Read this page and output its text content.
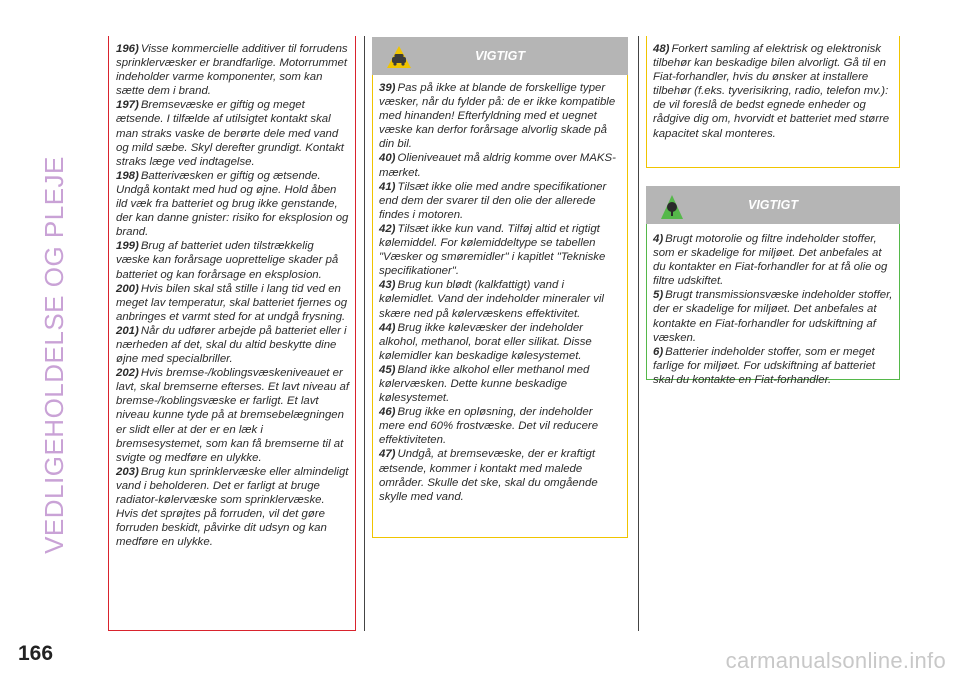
VEDLIGEHOLDELSE OG PLEJE

196) Visse kommercielle additiver til forrudens sprinklervæsker er brandfarlige. Motorrummet indeholder varme komponenter, som kan sætte dem i brand.

197) Bremsevæske er giftig og meget ætsende. I tilfælde af utilsigtet kontakt skal man straks vaske de berørte dele med vand og mild sæbe. Skyl derefter grundigt. Kontakt straks læge ved indtagelse.

198) Batterivæsken er giftig og ætsende. Undgå kontakt med hud og øjne. Hold åben ild væk fra batteriet og brug ikke genstande, der kan danne gnister: risiko for eksplosion og brand.

199) Brug af batteriet uden tilstrækkelig væske kan forårsage uoprettelige skader på batteriet og kan forårsage en eksplosion.

200) Hvis bilen skal stå stille i lang tid ved en meget lav temperatur, skal batteriet fjernes og anbringes et varmt sted for at undgå frysning.

201) Når du udfører arbejde på batteriet eller i nærheden af det, skal du altid beskytte dine øjne med specialbriller.

202) Hvis bremse-/koblingsvæskeniveauet er lavt, skal bremserne efterses. Et lavt niveau af bremse-/koblingsvæske er farligt. Et lavt niveau kunne tyde på at bremsebelægningen er slidt eller at der er en læk i bremsesystemet, som kan få bremserne til at svigte og medføre en ulykke.

203) Brug kun sprinklervæske eller almindeligt vand i beholderen. Det er farligt at bruge radiator-kølervæske som sprinklervæske. Hvis det sprøjtes på forruden, vil det gøre forruden beskidt, påvirke dit udsyn og kan medføre en ulykke.

VIGTIGT

39) Pas på ikke at blande de forskellige typer væsker, når du fylder på: de er ikke kompatible med hinanden! Efterfyldning med et uegnet væske kan derfor forårsage alvorlig skade på din bil.

40) Olieniveauet må aldrig komme over MAKS-mærket.

41) Tilsæt ikke olie med andre specifikationer end dem der svarer til den olie der allerede findes i motoren.

42) Tilsæt ikke kun vand. Tilføj altid et rigtigt kølemiddel. For kølemiddeltype se tabellen "Væsker og smøremidler" i kapitlet "Tekniske specifikationer".

43) Brug kun blødt (kalkfattigt) vand i kølemidlet. Vand der indeholder mineraler vil skære ned på kølervæskens effektivitet.

44) Brug ikke kølevæsker der indeholder alkohol, methanol, borat eller silikat. Disse kølemidler kan beskadige kølesystemet.

45) Bland ikke alkohol eller methanol med kølervæsken. Dette kunne beskadige kølesystemet.

46) Brug ikke en opløsning, der indeholder mere end 60% frostvæske. Det vil reducere effektiviteten.

47) Undgå, at bremsevæske, der er kraftigt ætsende, kommer i kontakt med malede områder. Skulle det ske, skal du omgående skylle med vand.

48) Forkert samling af elektrisk og elektronisk tilbehør kan beskadige bilen alvorligt. Gå til en Fiat-forhandler, hvis du ønsker at installere tilbehør (f.eks. tyverisikring, radio, telefon mv.): de vil foreslå de bedst egnede enheder og rådgive dig om, hvorvidt et batteriet med større kapacitet skal monteres.

VIGTIGT

4) Brugt motorolie og filtre indeholder stoffer, som er skadelige for miljøet. Det anbefales at du kontakter en Fiat-forhandler for at få olie og filtre udskiftet.

5) Brugt transmissionsvæske indeholder stoffer, der er skadelige for miljøet. Det anbefales at kontakte en Fiat-forhandler for udskiftning af væsken.

6) Batterier indeholder stoffer, som er meget farlige for miljøet. For udskiftning af batteriet skal du kontakte en Fiat-forhandler.

166	carmanualsonline.info
